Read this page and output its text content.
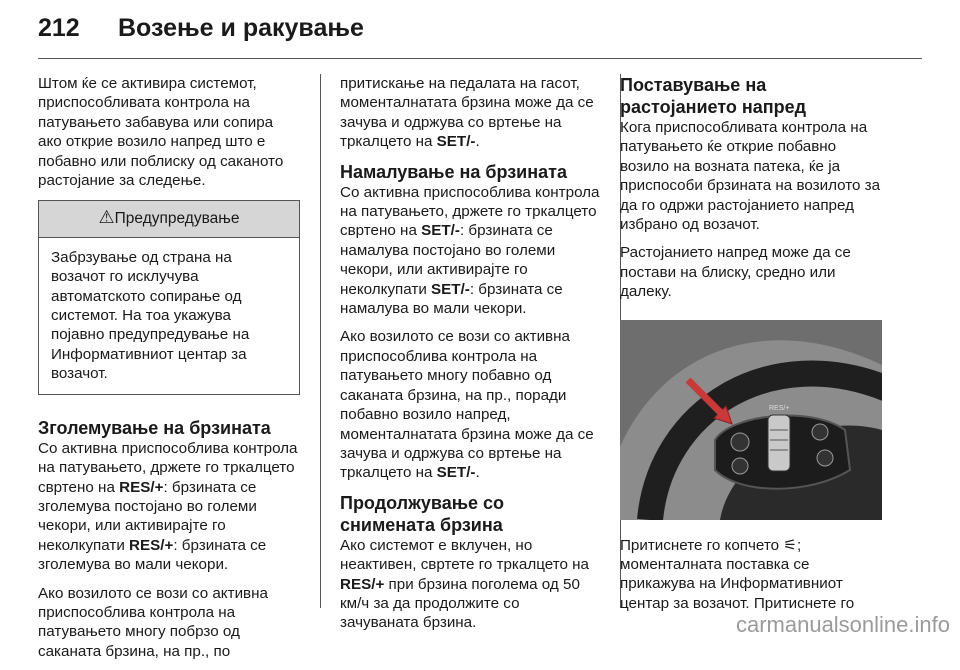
212 Возење и ракување

Штом ќе се активира системот, приспособливата контрола на патувањето забавува или сопира ако открие возило напред што е побавно или поблиску од саканото растојание за следење.

⚠Предупредување
Забрзување од страна на возачот го исклучува автоматското сопирање од системот. На тоа укажува појавно предупредување на Информативниот центар за возачот.
Зголемување на брзината

Со активна приспособлива контрола на патувањето, држете го тркалцето свртено на RES/+: брзината се зголемува постојано во големи чекори, или активирајте го неколкупати RES/+: брзината се зголемува во мали чекори.

Ако возилото се вози со активна приспособлива контрола на патувањето многу побрзо од саканата брзина, на пр., по

притискање на педалата на гасот, моменталнатата брзина може да се зачува и одржува со вртење на тркалцето на SET/-.

Намалување на брзината

Со активна приспособлива контрола на патувањето, држете го тркалцето свртено на SET/-: брзината се намалува постојано во големи чекори, или активирајте го неколкупати SET/-: брзината се намалува во мали чекори.

Ако возилото се вози со активна приспособлива контрола на патувањето многу побавно од саканата брзина, на пр., поради побавно возило напред, моменталнатата брзина може да се зачува и одржува со вртење на тркалцето на SET/-.

Продолжување со снимената брзина

Ако системот е вклучен, но неактивен, свртете го тркалцето на RES/+ при брзина поголема од 50 км/ч за да продолжите со зачуваната брзина.

Поставување на растојанието напред

Кога приспособливата контрола на патувањето ќе открие побавно возило на возната патека, ќе ја приспособи брзината на возилото за да го одржи растојанието напред избрано од возачот.

Растојанието напред може да се постави на блиску, средно или далеку.

RES/+

Притиснете го копчето ⚟; моменталната поставка се прикажува на Информативниот центар за возачот. Притиснете го

carmanualsonline.info
